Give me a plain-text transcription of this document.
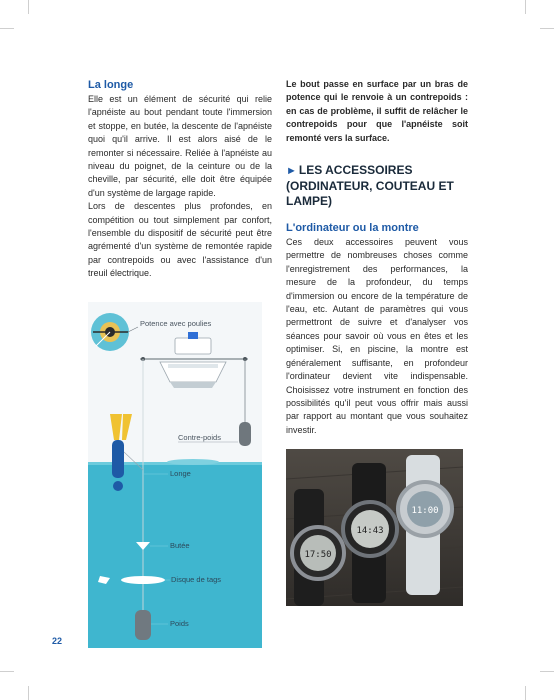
La longe

Elle est un élément de sécurité qui relie l'apnéiste au bout pendant toute l'immersion et stoppe, en butée, la descente de l'apnéiste quoi qu'il arrive. Il est alors aisé de le remonter si nécessaire. Reliée à l'apnéiste au niveau du poignet, de la ceinture ou de la cheville, par sécurité, elle doit être équipée d'un système de largage rapide.

Lors de descentes plus profondes, en compétition ou tout simplement par confort, l'ensemble du dispositif de sécurité peut être agrémenté d'un système de remontée rapide par contrepoids ou avec l'assistance d'un treuil électrique.

Potence avec poulies
Contre-poids
Longe
Butée
Disque de tags
Poids
22

Le bout passe en surface par un bras de potence qui le renvoie à un contrepoids : en cas de problème, il suffit de relâcher le contrepoids pour que l'apnéiste soit remonté vers la surface.

► LES ACCESSOIRES (ORDINATEUR, COUTEAU ET LAMPE)
L'ordinateur ou la montre

Ces deux accessoires peuvent vous permettre de nombreuses choses comme l'enregistrement des performances, la mesure de la profondeur, du temps d'immersion ou encore de la température de l'eau, etc. Autant de paramètres qui vous permettront de suivre et d'analyser vos séances pour savoir où vous en êtes et les optimiser. Si, en piscine, la montre est généralement suffisante, en profondeur l'ordinateur devient vite indispensable. Choisissez votre instrument en fonction des possibilités qu'il peut vous offrir mais aussi par rapport au montant que vous souhaitez investir.

17:50
14:43
11:00
